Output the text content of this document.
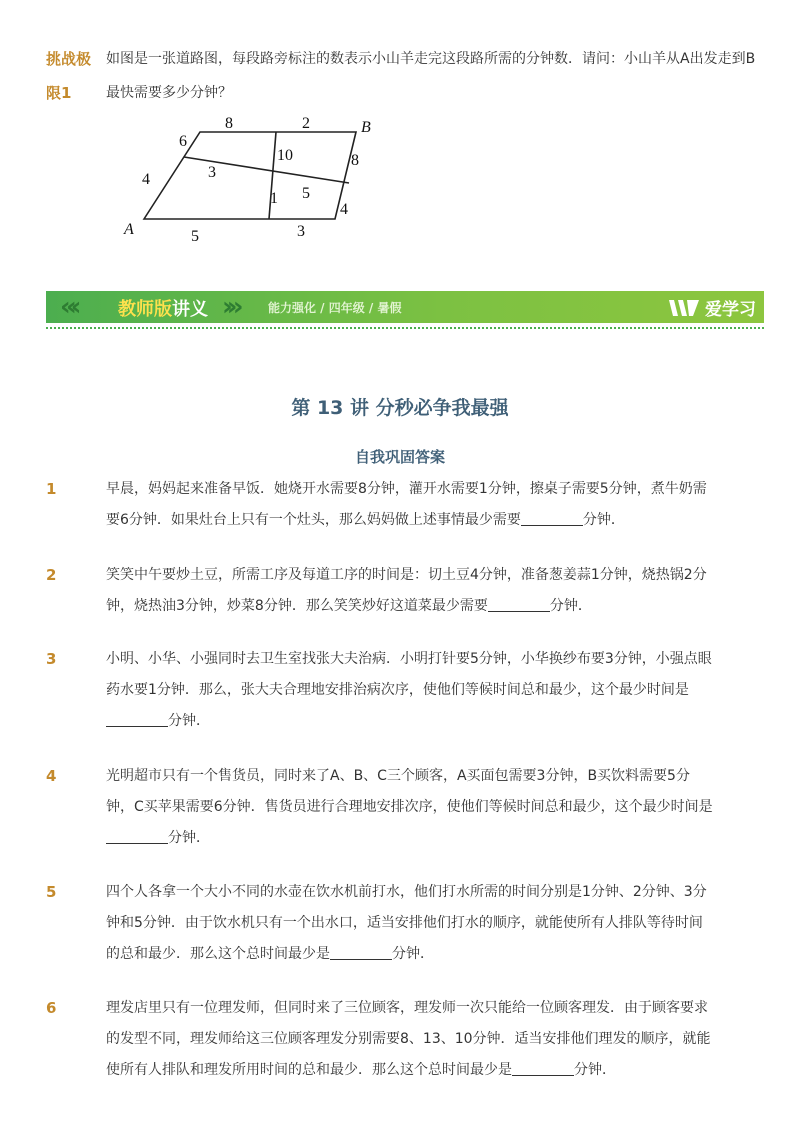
挑战极
限1
如图是一张道路图，每段路旁标注的数表示小山羊走完这段路所需的分钟数．请问：小山羊从A出发走到B最快需要多少分钟？
A
B
8	2
6
4	3
10	8
5
1
4
5	3
«‹ 教师版讲义 ›»	能力强化 / 四年级 / 暑假	爱学习
第 13 讲 分秒必争我最强
自我巩固答案
1	早晨，妈妈起来准备早饭．她烧开水需要8分钟，灌开水需要1分钟，擦桌子需要5分钟，煮牛奶需要6分钟．如果灶台上只有一个灶头，那么妈妈做上述事情最少需要	分钟．
2	笑笑中午要炒土豆，所需工序及每道工序的时间是：切土豆4分钟，准备葱姜蒜1分钟，烧热锅2分钟，烧热油3分钟，炒菜8分钟．那么笑笑炒好这道菜最少需要	分钟．
3	小明、小华、小强同时去卫生室找张大夫治病．小明打针要5分钟，小华换纱布要3分钟，小强点眼药水要1分钟．那么，张大夫合理地安排治病次序，使他们等候时间总和最少，这个最少时间是分钟．
4	光明超市只有一个售货员，同时来了A、B、C三个顾客，A买面包需要3分钟，B买饮料需要5分钟，C买苹果需要6分钟．售货员进行合理地安排次序，使他们等候时间总和最少，这个最少时间是分钟．
5	四个人各拿一个大小不同的水壶在饮水机前打水，他们打水所需的时间分别是1分钟、2分钟、3分钟和5分钟．由于饮水机只有一个出水口，适当安排他们打水的顺序，就能使所有人排队等待时间的总和最少．那么这个总时间最少是	分钟．
6	理发店里只有一位理发师，但同时来了三位顾客，理发师一次只能给一位顾客理发．由于顾客要求的发型不同，理发师给这三位顾客理发分别需要8、13、10分钟．适当安排他们理发的顺序，就能使所有人排队和理发所用时间的总和最少．那么这个总时间最少是	分钟．
